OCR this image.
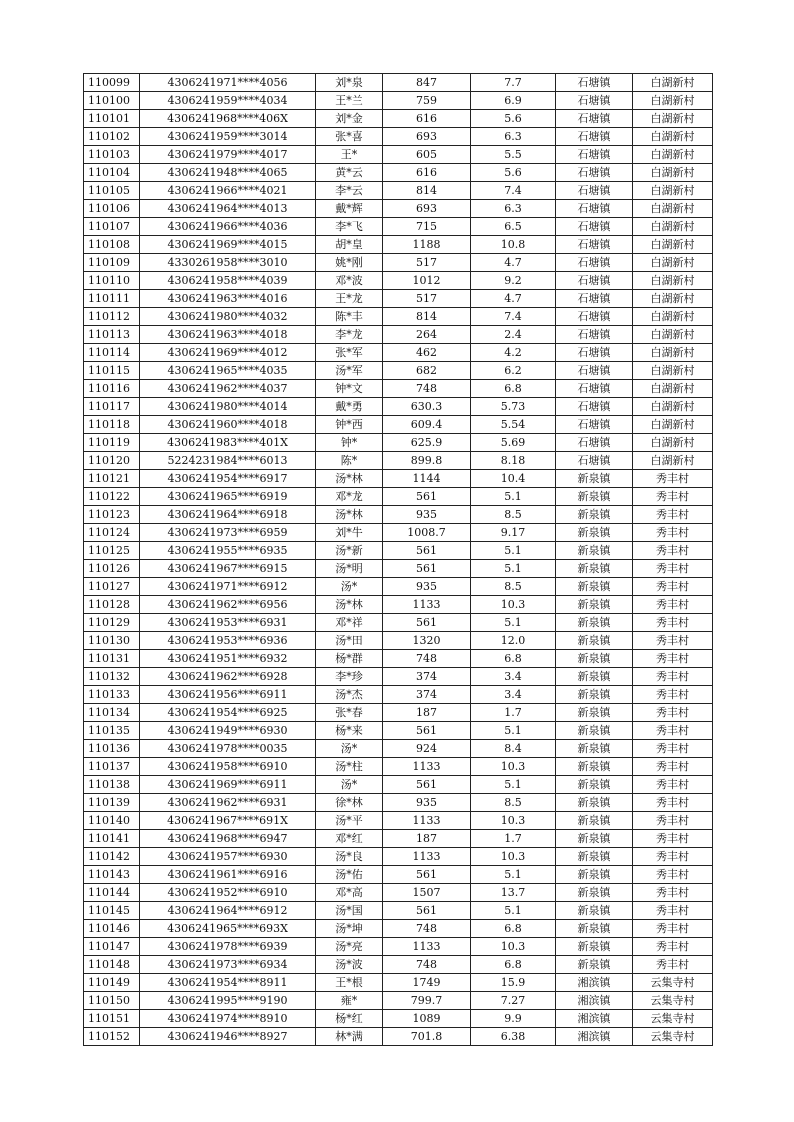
110099	4306241971****4056	刘*泉	847	7.7	石塘镇	白湖新村
110100	4306241959****4034	王*兰	759	6.9	石塘镇	白湖新村
110101	4306241968****406X	刘*金	616	5.6	石塘镇	白湖新村
110102	4306241959****3014	张*喜	693	6.3	石塘镇	白湖新村
110103	4306241979****4017	王*	605	5.5	石塘镇	白湖新村
110104	4306241948****4065	黄*云	616	5.6	石塘镇	白湖新村
110105	4306241966****4021	李*云	814	7.4	石塘镇	白湖新村
110106	4306241964****4013	戴*辉	693	6.3	石塘镇	白湖新村
110107	4306241966****4036	李*飞	715	6.5	石塘镇	白湖新村
110108	4306241969****4015	胡*皇	1188	10.8	石塘镇	白湖新村
110109	4330261958****3010	姚*刚	517	4.7	石塘镇	白湖新村
110110	4306241958****4039	邓*波	1012	9.2	石塘镇	白湖新村
110111	4306241963****4016	王*龙	517	4.7	石塘镇	白湖新村
110112	4306241980****4032	陈*丰	814	7.4	石塘镇	白湖新村
110113	4306241963****4018	李*龙	264	2.4	石塘镇	白湖新村
110114	4306241969****4012	张*军	462	4.2	石塘镇	白湖新村
110115	4306241965****4035	汤*军	682	6.2	石塘镇	白湖新村
110116	4306241962****4037	钟*文	748	6.8	石塘镇	白湖新村
110117	4306241980****4014	戴*勇	630.3	5.73	石塘镇	白湖新村
110118	4306241960****4018	钟*西	609.4	5.54	石塘镇	白湖新村
110119	4306241983****401X	钟*	625.9	5.69	石塘镇	白湖新村
110120	5224231984****6013	陈*	899.8	8.18	石塘镇	白湖新村
110121	4306241954****6917	汤*林	1144	10.4	新泉镇	秀丰村
110122	4306241965****6919	邓*龙	561	5.1	新泉镇	秀丰村
110123	4306241964****6918	汤*林	935	8.5	新泉镇	秀丰村
110124	4306241973****6959	刘*牛	1008.7	9.17	新泉镇	秀丰村
110125	4306241955****6935	汤*新	561	5.1	新泉镇	秀丰村
110126	4306241967****6915	汤*明	561	5.1	新泉镇	秀丰村
110127	4306241971****6912	汤*	935	8.5	新泉镇	秀丰村
110128	4306241962****6956	汤*林	1133	10.3	新泉镇	秀丰村
110129	4306241953****6931	邓*祥	561	5.1	新泉镇	秀丰村
110130	4306241953****6936	汤*田	1320	12.0	新泉镇	秀丰村
110131	4306241951****6932	杨*群	748	6.8	新泉镇	秀丰村
110132	4306241962****6928	李*珍	374	3.4	新泉镇	秀丰村
110133	4306241956****6911	汤*杰	374	3.4	新泉镇	秀丰村
110134	4306241954****6925	张*春	187	1.7	新泉镇	秀丰村
110135	4306241949****6930	杨*来	561	5.1	新泉镇	秀丰村
110136	4306241978****0035	汤*	924	8.4	新泉镇	秀丰村
110137	4306241958****6910	汤*柱	1133	10.3	新泉镇	秀丰村
110138	4306241969****6911	汤*	561	5.1	新泉镇	秀丰村
110139	4306241962****6931	徐*林	935	8.5	新泉镇	秀丰村
110140	4306241967****691X	汤*平	1133	10.3	新泉镇	秀丰村
110141	4306241968****6947	邓*红	187	1.7	新泉镇	秀丰村
110142	4306241957****6930	汤*良	1133	10.3	新泉镇	秀丰村
110143	4306241961****6916	汤*佑	561	5.1	新泉镇	秀丰村
110144	4306241952****6910	邓*高	1507	13.7	新泉镇	秀丰村
110145	4306241964****6912	汤*国	561	5.1	新泉镇	秀丰村
110146	4306241965****693X	汤*坤	748	6.8	新泉镇	秀丰村
110147	4306241978****6939	汤*亮	1133	10.3	新泉镇	秀丰村
110148	4306241973****6934	汤*波	748	6.8	新泉镇	秀丰村
110149	4306241954****8911	王*根	1749	15.9	湘滨镇	云集寺村
110150	4306241995****9190	雍*	799.7	7.27	湘滨镇	云集寺村
110151	4306241974****8910	杨*红	1089	9.9	湘滨镇	云集寺村
110152	4306241946****8927	林*满	701.8	6.38	湘滨镇	云集寺村
